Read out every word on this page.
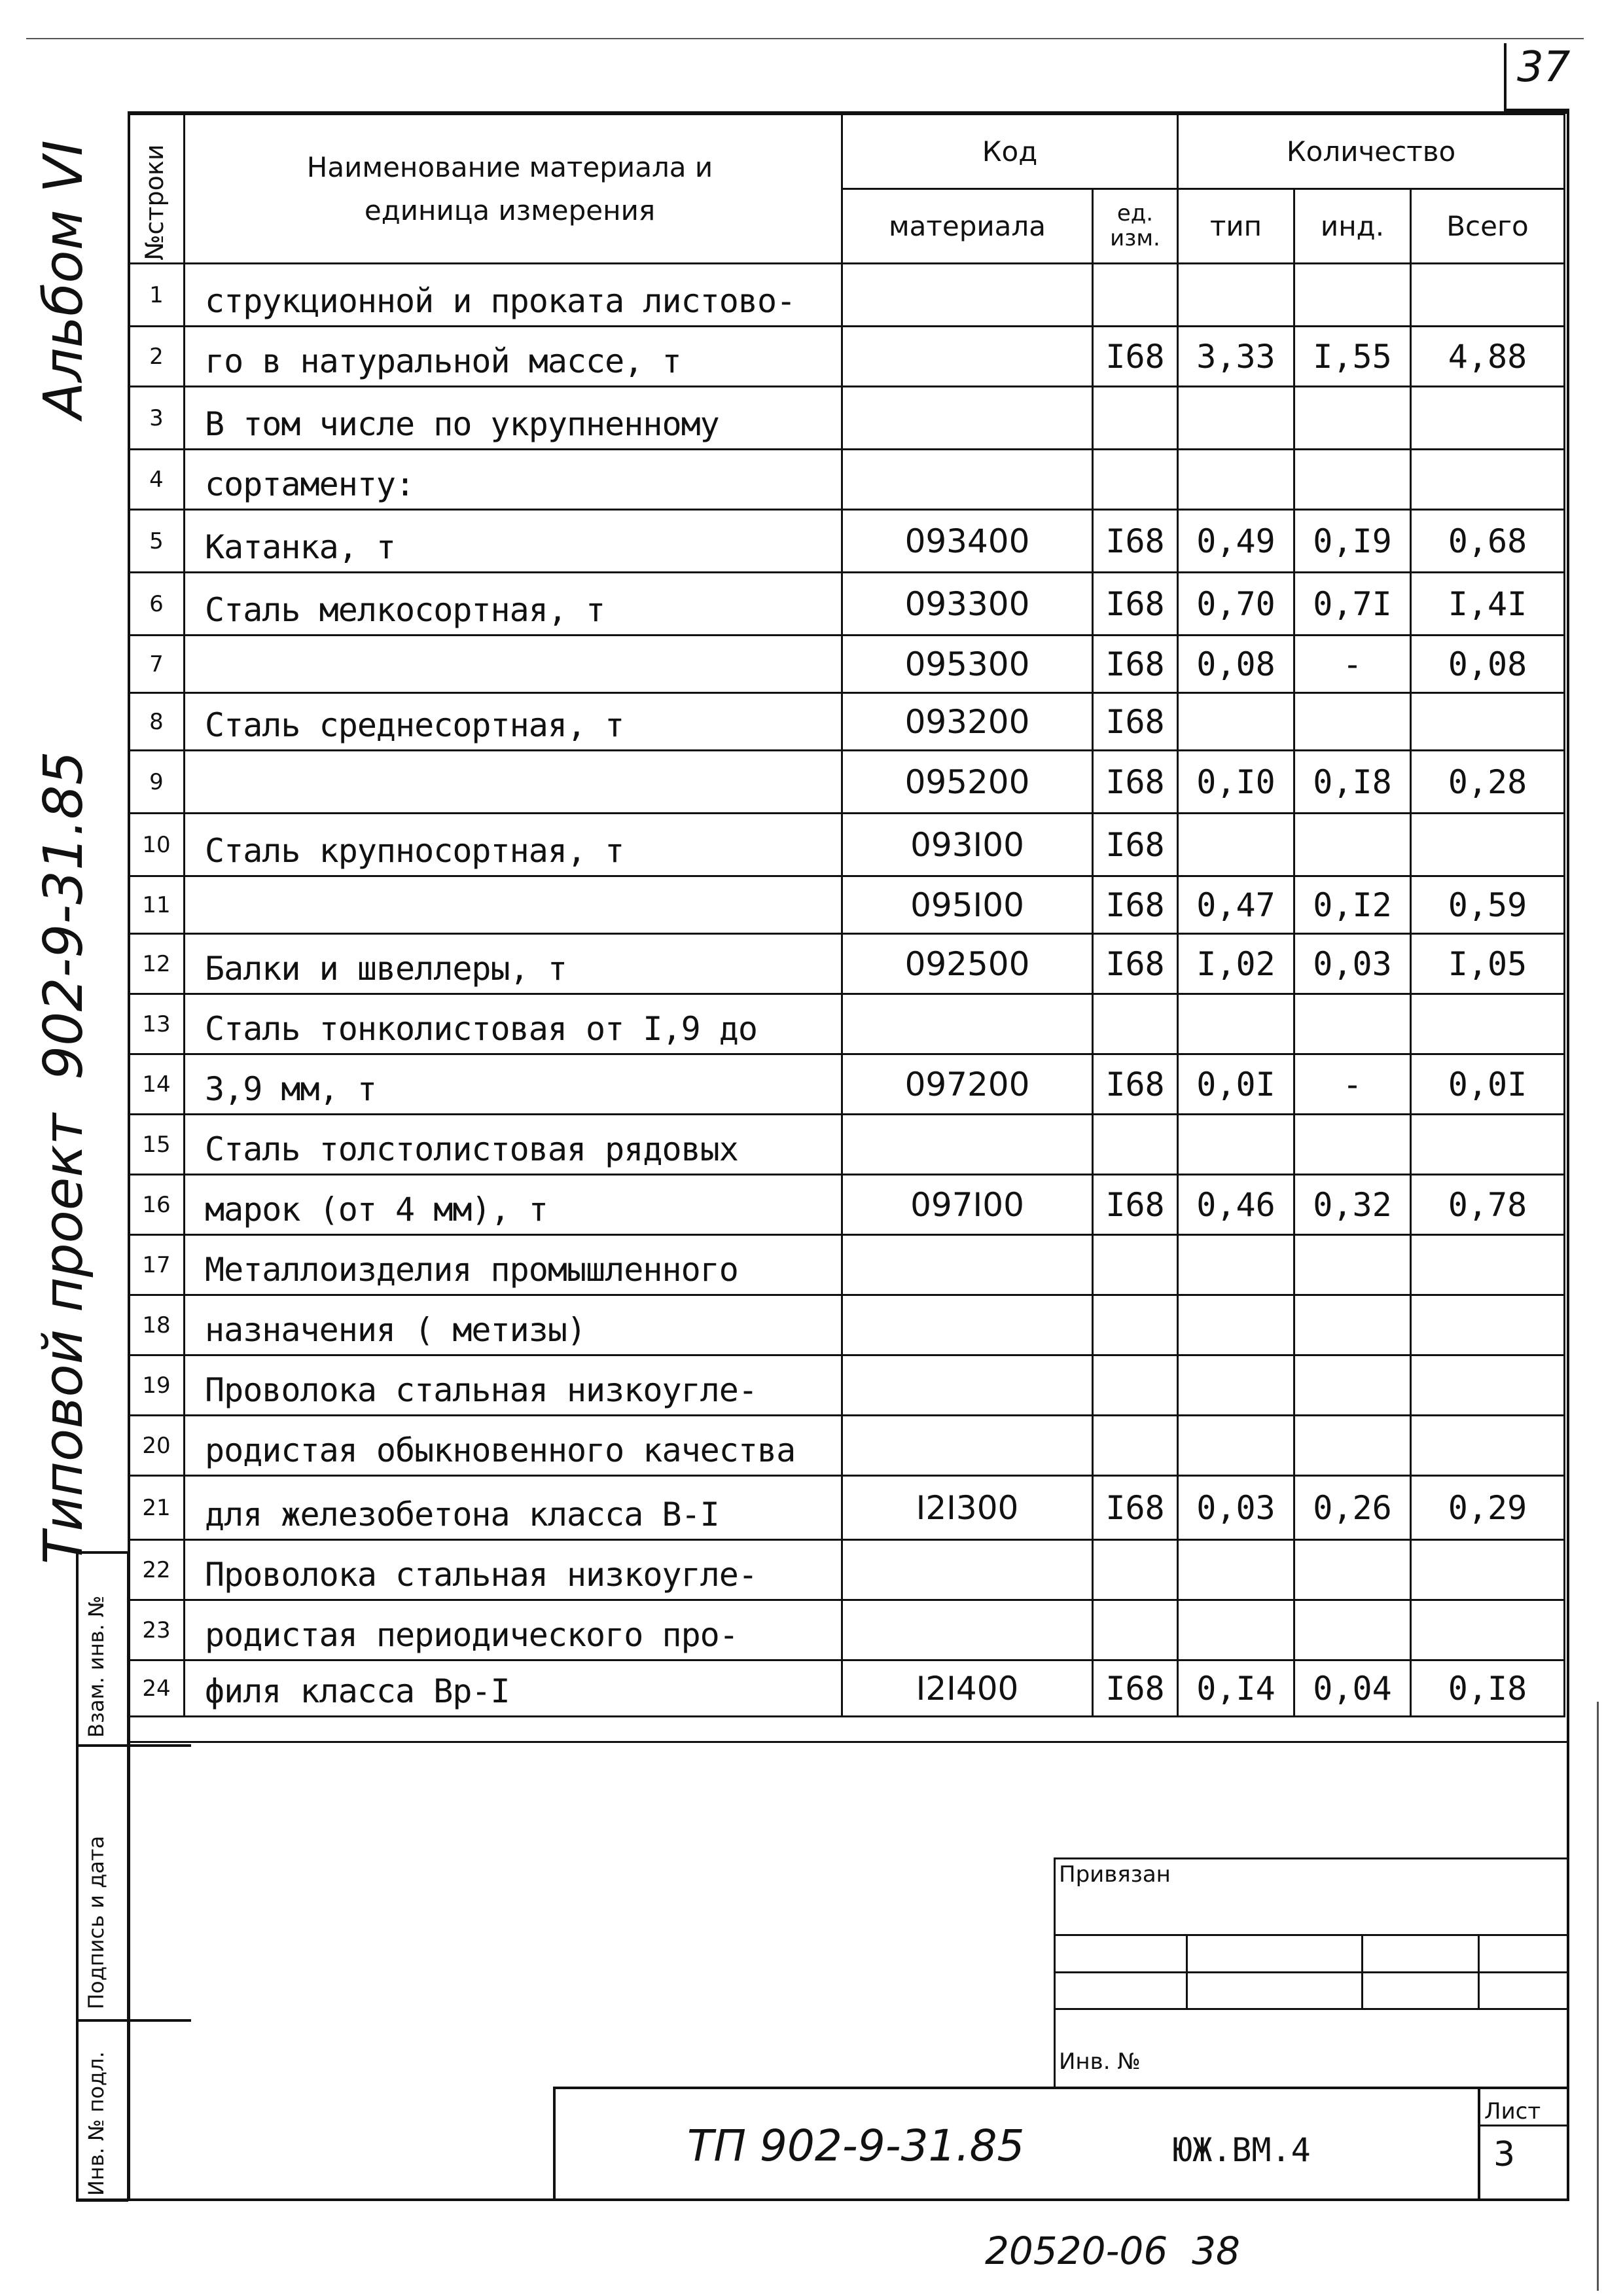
37
Альбом VI
902-9-31.85
Типовой проект
Взам. инв. №
Подпись и дата
Инв. № подл.
№строки	Наименование материала и единица измерения	Код		Количество		
		материала	ед. изм.	тип	инд.	Всего
1	струкционной и проката листово-					
2	го в натуральной массе, т		I68	3,33	I,55	4,88
3	В том числе по укрупненному					
4	сортаменту:					
5	Катанка, т	093400	I68	0,49	0,I9	0,68
6	Сталь мелкосортная, т	093300	I68	0,70	0,7I	I,4I
7		095300	I68	0,08	-	0,08
8	Сталь среднесортная, т	093200	I68			
9		095200	I68	0,I0	0,I8	0,28
10	Сталь крупносортная, т	093I00	I68			
11		095I00	I68	0,47	0,I2	0,59
12	Балки и швеллеры, т	092500	I68	I,02	0,03	I,05
13	Сталь тонколистовая от I,9 до					
14	3,9 мм, т	097200	I68	0,0I	-	0,0I
15	Сталь толстолистовая рядовых					
16	марок (от 4 мм), т	097I00	I68	0,46	0,32	0,78
17	Металлоизделия промышленного					
18	назначения ( метизы)					
19	Проволока стальная низкоугле-					
20	родистая обыкновенного качества					
21	для железобетона класса В-I	I2I300	I68	0,03	0,26	0,29
22	Проволока стальная низкоугле-					
23	родистая периодического про-					
24	филя класса Вр-I	I2I400	I68	0,I4	0,04	0,I8
Привязан
Инв. №
Лист
3
ТП 902-9-31.85	ЮЖ.ВМ.4
20520-06  38
